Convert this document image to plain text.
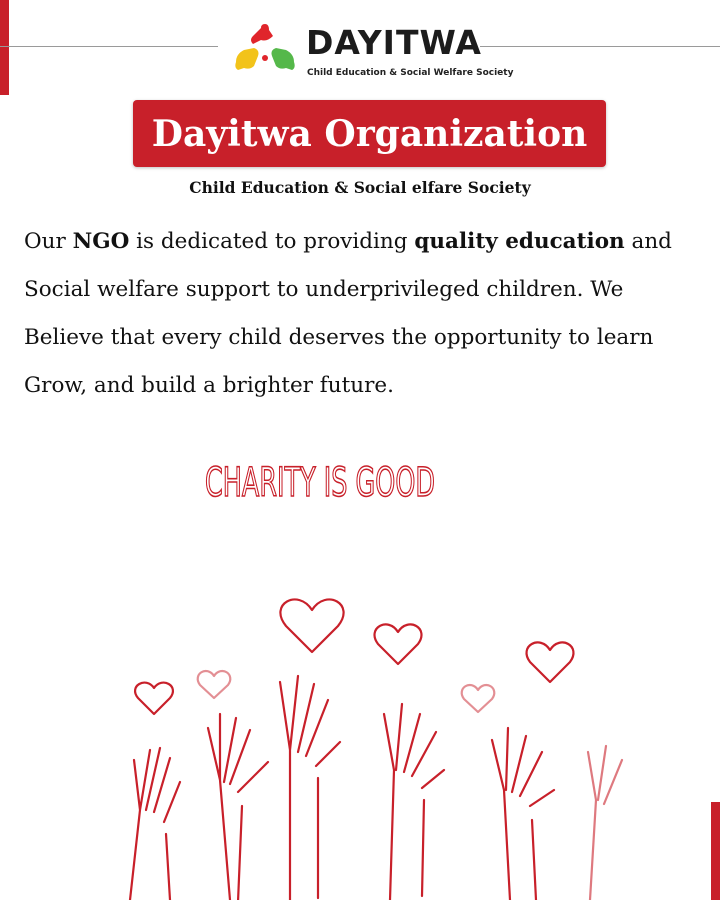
DAYITWA
Child Education & Social Welfare Society
Dayitwa Organization
Child Education & Social elfare Society

Our NGO is dedicated to providing quality education and

Social welfare support to underprivileged children. We

Believe that every child deserves the opportunity to learn

Grow, and build a brighter future.

CHARITY IS GOOD
